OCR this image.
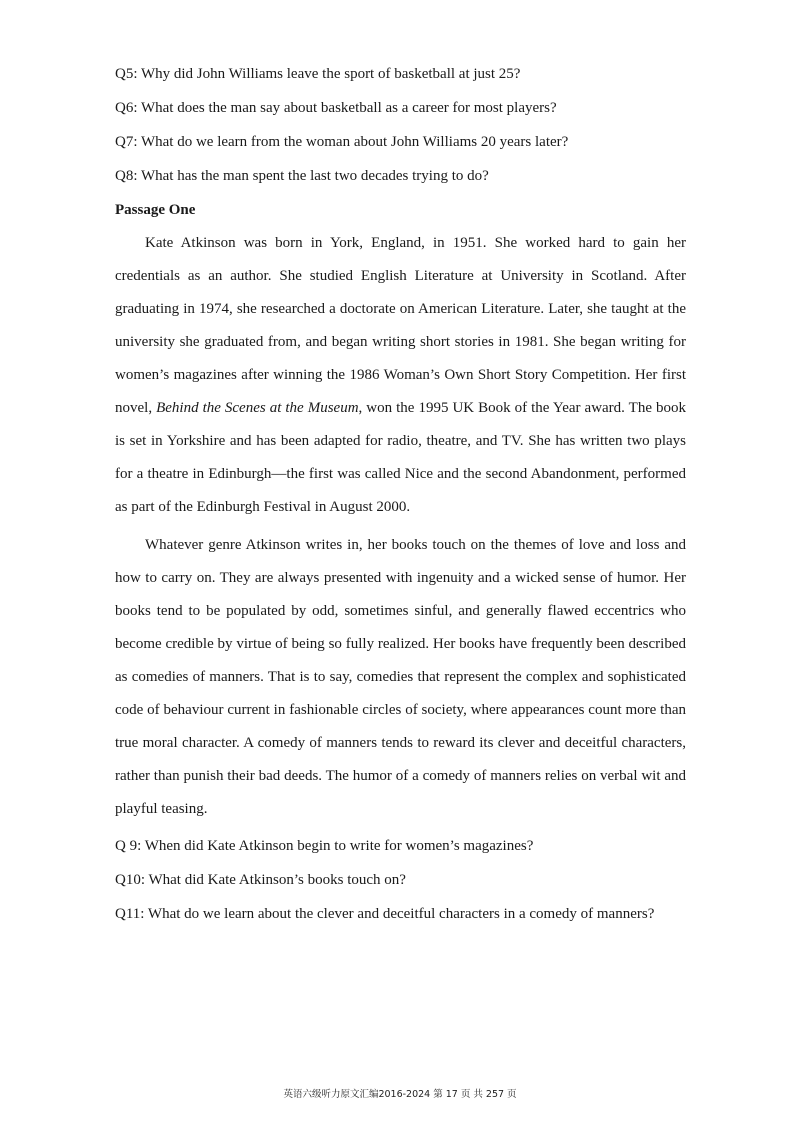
Q5: Why did John Williams leave the sport of basketball at just 25?

Q6: What does the man say about basketball as a career for most players?

Q7: What do we learn from the woman about John Williams 20 years later?

Q8: What has the man spent the last two decades trying to do?

Passage One

Kate Atkinson was born in York, England, in 1951. She worked hard to gain her credentials as an author. She studied English Literature at University in Scotland. After graduating in 1974, she researched a doctorate on American Literature. Later, she taught at the university she graduated from, and began writing short stories in 1981. She began writing for women’s magazines after winning the 1986 Woman’s Own Short Story Competition. Her first novel, Behind the Scenes at the Museum, won the 1995 UK Book of the Year award. The book is set in Yorkshire and has been adapted for radio, theatre, and TV. She has written two plays for a theatre in Edinburgh—the first was called Nice and the second Abandonment, performed as part of the Edinburgh Festival in August 2000.

Whatever genre Atkinson writes in, her books touch on the themes of love and loss and how to carry on. They are always presented with ingenuity and a wicked sense of humor. Her books tend to be populated by odd, sometimes sinful, and generally flawed eccentrics who become credible by virtue of being so fully realized. Her books have frequently been described as comedies of manners. That is to say, comedies that represent the complex and sophisticated code of behaviour current in fashionable circles of society, where appearances count more than true moral character. A comedy of manners tends to reward its clever and deceitful characters, rather than punish their bad deeds. The humor of a comedy of manners relies on verbal wit and playful teasing.

Q 9: When did Kate Atkinson begin to write for women’s magazines?

Q10: What did Kate Atkinson’s books touch on?

Q11: What do we learn about the clever and deceitful characters in a comedy of manners?

英语六级听力原文汇编2016-2024 第 17 页 共 257 页
